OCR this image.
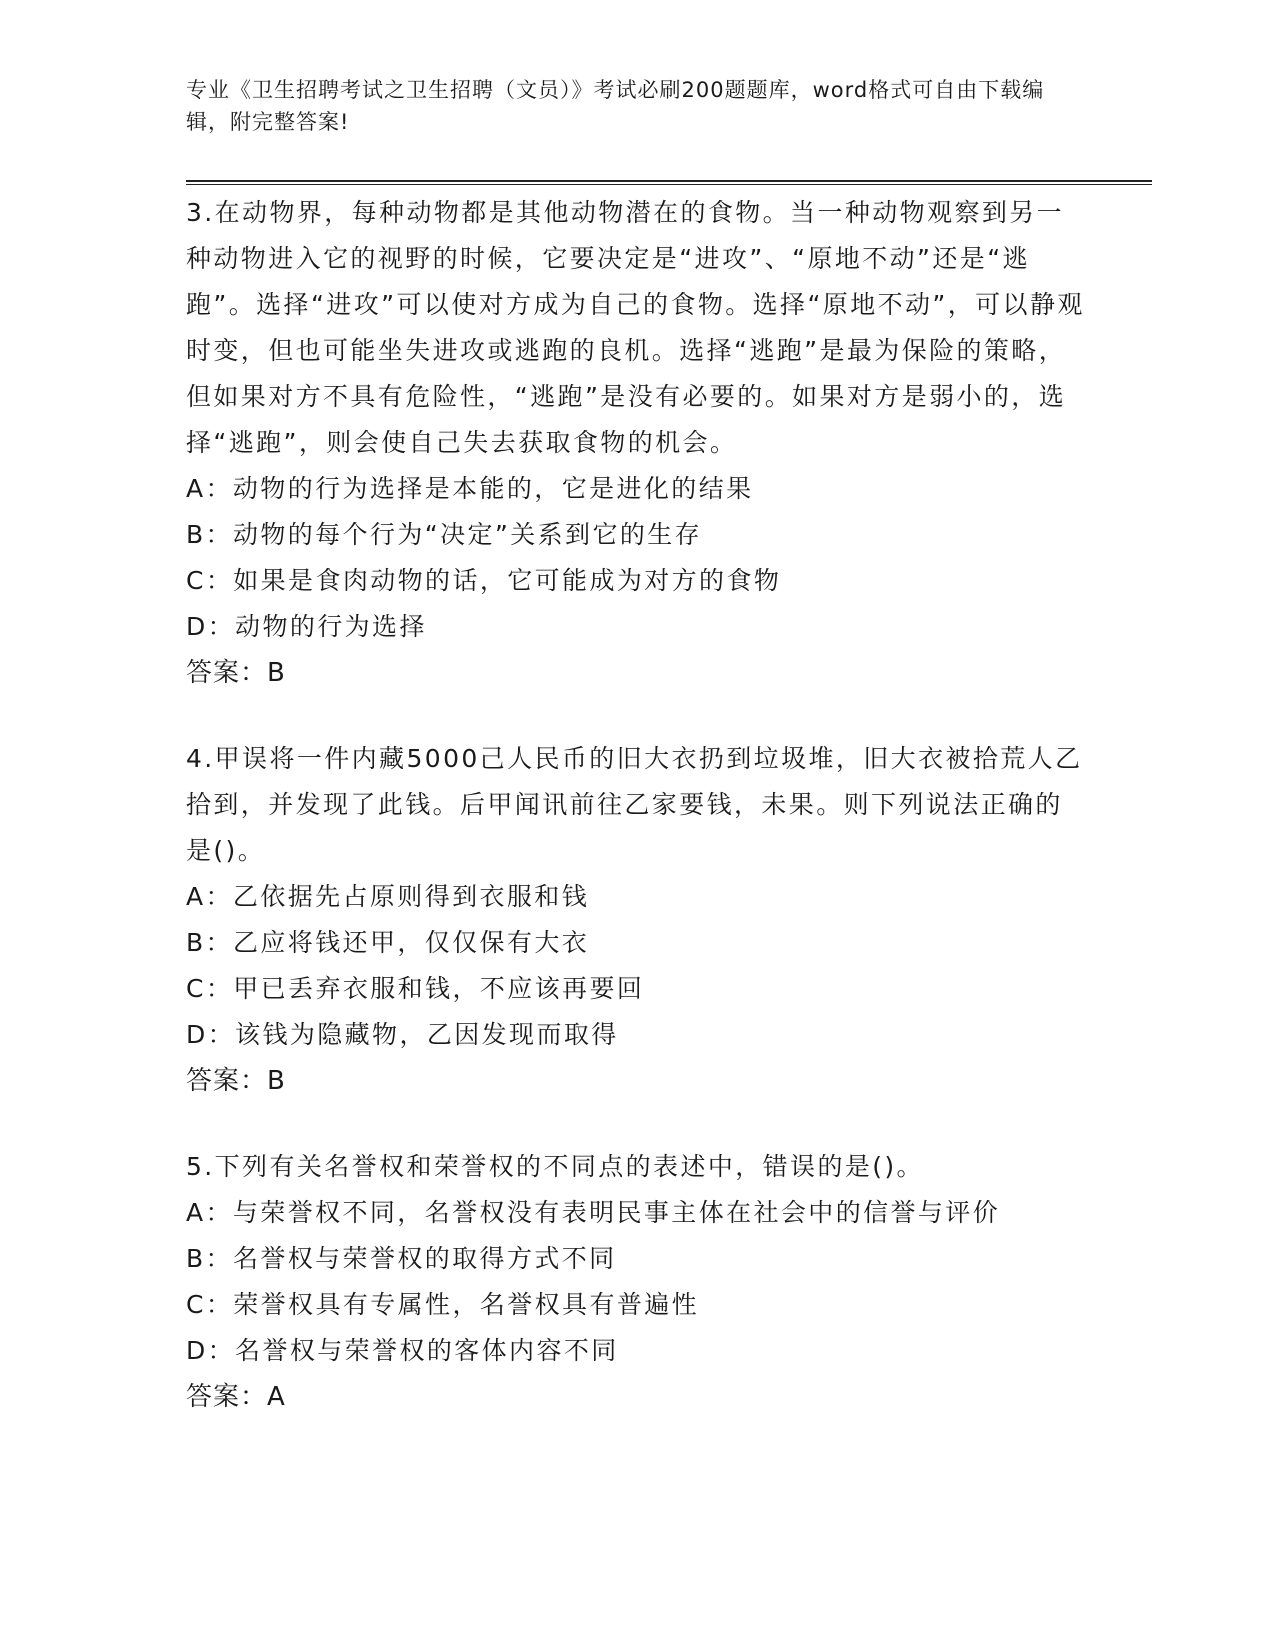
专业《卫生招聘考试之卫生招聘（文员）》考试必刷200题题库，word格式可自由下载编辑，附完整答案!

3.在动物界，每种动物都是其他动物潜在的食物。当一种动物观察到另一种动物进入它的视野的时候，它要决定是“进攻”、“原地不动”还是“逃跑”。选择“进攻”可以使对方成为自己的食物。选择“原地不动”，可以静观时变，但也可能坐失进攻或逃跑的良机。选择“逃跑”是最为保险的策略，但如果对方不具有危险性，“逃跑”是没有必要的。如果对方是弱小的，选择“逃跑”，则会使自己失去获取食物的机会。

A：动物的行为选择是本能的，它是进化的结果

B：动物的每个行为“决定”关系到它的生存

C：如果是食肉动物的话，它可能成为对方的食物

D：动物的行为选择

答案：B

4.甲误将一件内藏5000己人民币的旧大衣扔到垃圾堆，旧大衣被拾荒人乙拾到，并发现了此钱。后甲闻讯前往乙家要钱，未果。则下列说法正确的是()。

A：乙依据先占原则得到衣服和钱

B：乙应将钱还甲，仅仅保有大衣

C：甲已丢弃衣服和钱，不应该再要回

D：该钱为隐藏物，乙因发现而取得

答案：B

5.下列有关名誉权和荣誉权的不同点的表述中，错误的是()。

A：与荣誉权不同，名誉权没有表明民事主体在社会中的信誉与评价

B：名誉权与荣誉权的取得方式不同

C：荣誉权具有专属性，名誉权具有普遍性

D：名誉权与荣誉权的客体内容不同

答案：A
